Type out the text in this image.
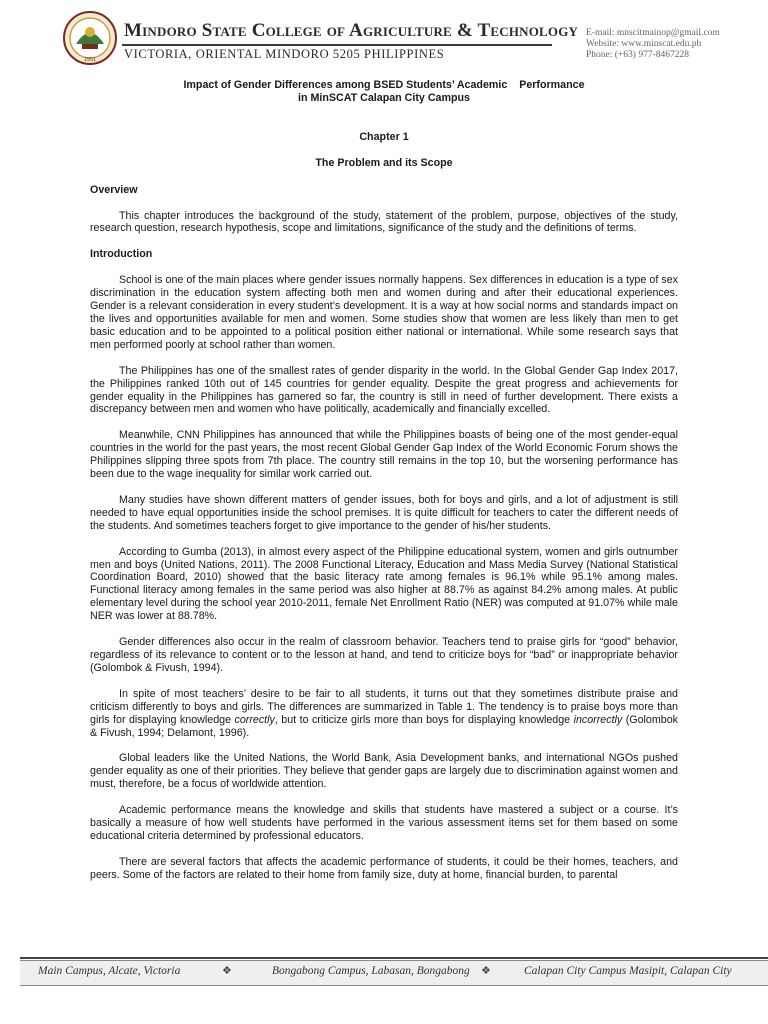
1951
Mindoro State College of Agriculture & Technology
VICTORIA, ORIENTAL MINDORO 5205 PHILIPPINES
E-mail: mnscitmainop@gmail.com
Website: www.minscat.edu.ph
Phone: (+63) 977-8467228

Impact of Gender Differences among BSED Students’ Academic    Performance

in MinSCAT Calapan City Campus

Chapter 1

The Problem and its Scope

Overview

This chapter introduces the background of the study, statement of the problem, purpose, objectives of the study, research question, research hypothesis, scope and limitations, significance of the study and the definitions of terms.

Introduction

School is one of the main places where gender issues normally happens. Sex differences in education is a type of sex discrimination in the education system affecting both men and women during and after their educational experiences. Gender is a relevant consideration in every student’s development. It is a way at how social norms and standards impact on the lives and opportunities available for men and women. Some studies show that women are less likely than men to get basic education and to be appointed to a political position either national or international. While some research says that men performed poorly at school rather than women.

The Philippines has one of the smallest rates of gender disparity in the world. In the Global Gender Gap Index 2017, the Philippines ranked 10th out of 145 countries for gender equality. Despite the great progress and achievements for gender equality in the Philippines has garnered so far, the country is still in need of further development. There exists a discrepancy between men and women who have politically, academically and financially excelled.

Meanwhile, CNN Philippines has announced that while the Philippines boasts of being one of the most gender-equal countries in the world for the past years, the most recent Global Gender Gap Index of the World Economic Forum shows the Philippines slipping three spots from 7th place. The country still remains in the top 10, but the worsening performance has been due to the wage inequality for similar work carried out.

Many studies have shown different matters of gender issues, both for boys and girls, and a lot of adjustment is still needed to have equal opportunities inside the school premises. It is quite difficult for teachers to cater the different needs of the students. And sometimes teachers forget to give importance to the gender of his/her students.

According to Gumba (2013), in almost every aspect of the Philippine educational system, women and girls outnumber men and boys (United Nations, 2011). The 2008 Functional Literacy, Education and Mass Media Survey (National Statistical Coordination Board, 2010) showed that the basic literacy rate among females is 96.1% while 95.1% among males. Functional literacy among females in the same period was also higher at 88.7% as against 84.2% among males. At public elementary level during the school year 2010-2011, female Net Enrollment Ratio (NER) was computed at 91.07% while male NER was lower at 88.78%.

Gender differences also occur in the realm of classroom behavior. Teachers tend to praise girls for “good” behavior, regardless of its relevance to content or to the lesson at hand, and tend to criticize boys for “bad” or inappropriate behavior (Golombok & Fivush, 1994).

In spite of most teachers’ desire to be fair to all students, it turns out that they sometimes distribute praise and criticism differently to boys and girls. The differences are summarized in Table 1. The tendency is to praise boys more than girls for displaying knowledge correctly, but to criticize girls more than boys for displaying knowledge incorrectly (Golombok & Fivush, 1994; Delamont, 1996).

Global leaders like the United Nations, the World Bank, Asia Development banks, and international NGOs pushed gender equality as one of their priorities. They believe that gender gaps are largely due to discrimination against women and must, therefore, be a focus of worldwide attention.

Academic performance means the knowledge and skills that students have mastered a subject or a course. It’s basically a measure of how well students have performed in the various assessment items set for them based on some educational criteria determined by professional educators.

There are several factors that affects the academic performance of students, it could be their homes, teachers, and peers. Some of the factors are related to their home from family size, duty at home, financial burden, to parental

Main Campus, Alcate, Victoria	❖	Bongabong Campus, Labasan, Bongabong ❖	Calapan City Campus Masipit, Calapan City
